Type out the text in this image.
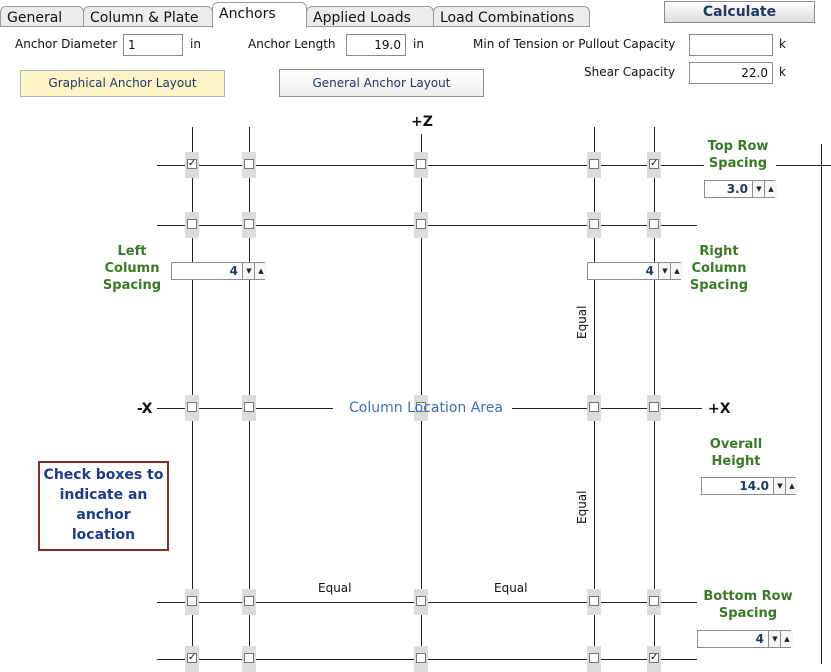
General	Column & Plate	Anchors	Applied Loads	Load Combinations	Calculate
Anchor Diameter 1	in	Anchor Length	19.0	in	Min of Tension or Pullout Capacity	k
Shear Capacity	22.0 k
Graphical Anchor Layout	General Anchor Layout
✓	✓
✓	✓
+Z
-X	+X
Column Location Area
Equal	Equal
Equal
Equal
Top Row
Spacing
3.0	▼ ▲
Left
Column
Spacing
4	▼ ▲
Right
Column
Spacing
4	▼ ▲
Overall
Height
14.0	▼ ▲
Bottom Row
Spacing
4	▼ ▲
Check boxes to
indicate an
anchor
location
